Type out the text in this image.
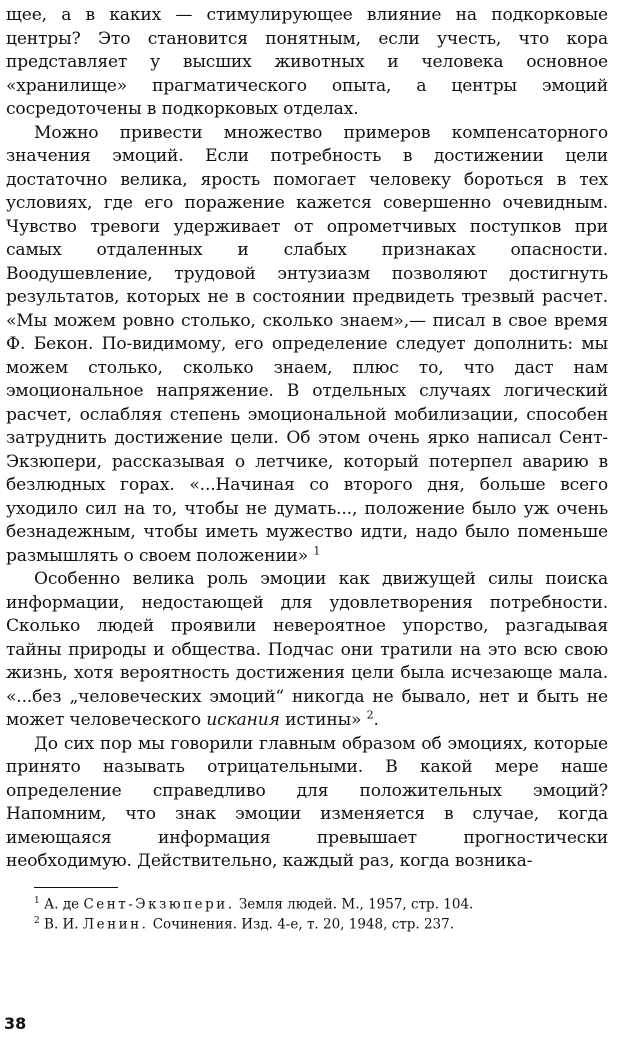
щее, а в каких — стимулирующее влияние на подкорковые центры? Это становится понятным, если учесть, что кора представляет у высших животных и человека основное «хранилище» прагматического опыта, а центры эмоций сосредоточены в подкорковых отделах.

Можно привести множество примеров компенсаторного значения эмоций. Если потребность в достижении цели достаточно велика, ярость помогает человеку бороться в тех условиях, где его поражение кажется совершенно очевидным. Чувство тревоги удерживает от опрометчивых поступков при самых отдаленных и слабых признаках опасности. Воодушевление, трудовой энтузиазм позволяют достигнуть результатов, которых не в состоянии предвидеть трезвый расчет. «Мы можем ровно столько, сколько знаем»,— писал в свое время Ф. Бекон. По-видимому, его определение следует дополнить: мы можем столько, сколько знаем, плюс то, что даст нам эмоциональное напряжение. В отдельных случаях логический расчет, ослабляя степень эмоциональной мобилизации, способен затруднить достижение цели. Об этом очень ярко написал Сент-Экзюпери, рассказывая о летчике, который потерпел аварию в безлюдных горах. «...Начиная со второго дня, больше всего уходило сил на то, чтобы не думать..., положение было уж очень безнадежным, чтобы иметь мужество идти, надо было поменьше размышлять о своем положении» $^1$

Особенно велика роль эмоции как движущей силы поиска информации, недостающей для удовлетворения потребности. Сколько людей проявили невероятное упорство, разгадывая тайны природы и общества. Подчас они тратили на это всю свою жизнь, хотя вероятность достижения цели была исчезающе мала. «...без „человеческих эмоций“ никогда не бывало, нет и быть не может человеческого искания истины» $^2$.

До сих пор мы говорили главным образом об эмоциях, которые принято называть отрицательными. В какой мере наше определение справедливо для положительных эмоций? Напомним, что знак эмоции изменяется в случае, когда имеющаяся информация превышает прогностически необходимую. Действительно, каждый раз, когда возника-

$^1$ А. де Сент-Экзюпери. Земля людей. М., 1957, стр. 104.
$^2$ В. И. Ленин. Сочинения. Изд. 4-е, т. 20, 1948, стр. 237.
38
